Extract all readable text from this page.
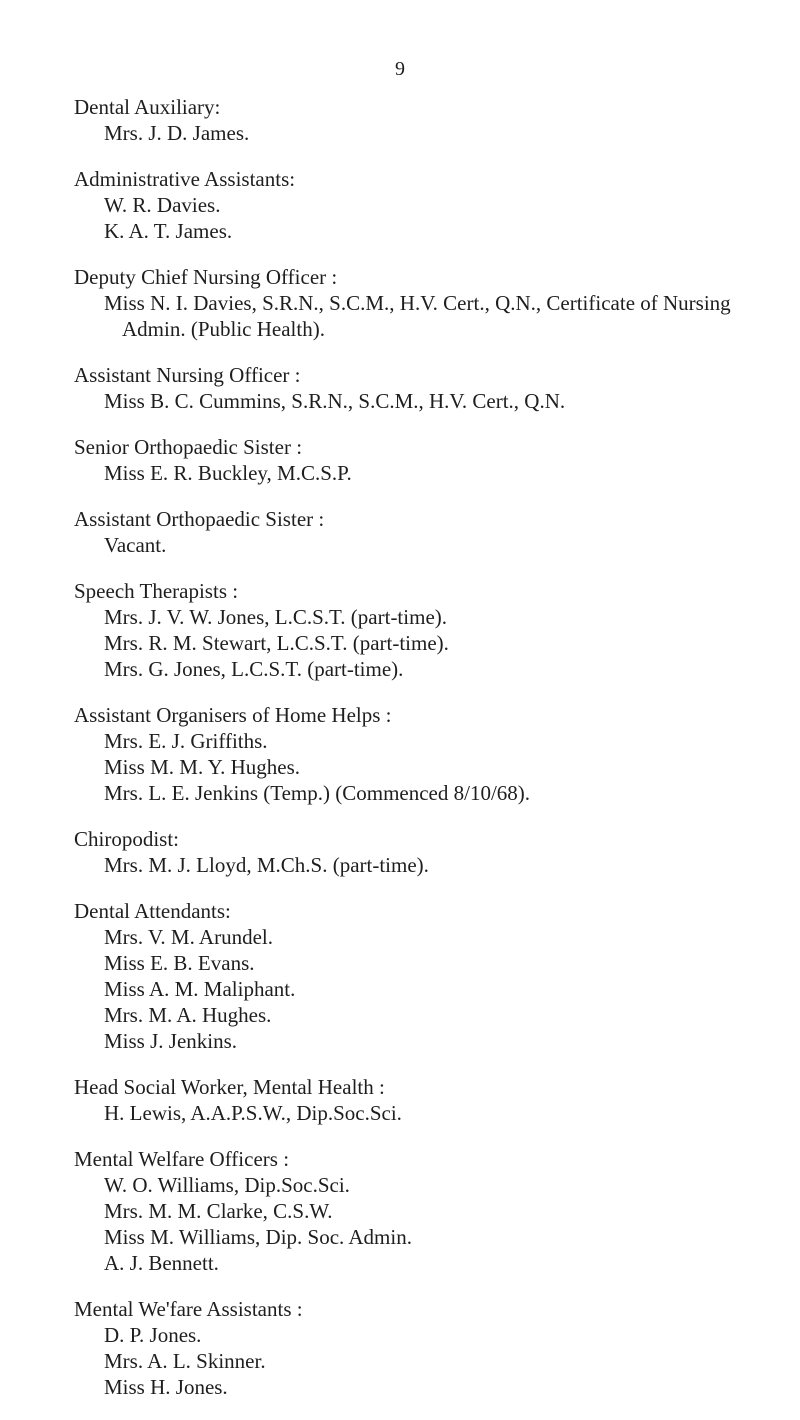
9
Dental Auxiliary:
Mrs. J. D. James.
Administrative Assistants:
W. R. Davies.
K. A. T. James.
Deputy Chief Nursing Officer :
Miss N. I. Davies, S.R.N., S.C.M., H.V. Cert., Q.N., Certificate of Nursing Admin. (Public Health).
Assistant Nursing Officer :
Miss B. C. Cummins, S.R.N., S.C.M., H.V. Cert., Q.N.
Senior Orthopaedic Sister :
Miss E. R. Buckley, M.C.S.P.
Assistant Orthopaedic Sister :
Vacant.
Speech Therapists :
Mrs. J. V. W. Jones, L.C.S.T. (part-time).
Mrs. R. M. Stewart, L.C.S.T. (part-time).
Mrs. G. Jones, L.C.S.T. (part-time).
Assistant Organisers of Home Helps :
Mrs. E. J. Griffiths.
Miss M. M. Y. Hughes.
Mrs. L. E. Jenkins (Temp.) (Commenced 8/10/68).
Chiropodist:
Mrs. M. J. Lloyd, M.Ch.S. (part-time).
Dental Attendants:
Mrs. V. M. Arundel.
Miss E. B. Evans.
Miss A. M. Maliphant.
Mrs. M. A. Hughes.
Miss J. Jenkins.
Head Social Worker, Mental Health :
H. Lewis, A.A.P.S.W., Dip.Soc.Sci.
Mental Welfare Officers :
W. O. Williams, Dip.Soc.Sci.
Mrs. M. M. Clarke, C.S.W.
Miss M. Williams, Dip. Soc. Admin.
A. J. Bennett.
Mental We'fare Assistants :
D. P. Jones.
Mrs. A. L. Skinner.
Miss H. Jones.
